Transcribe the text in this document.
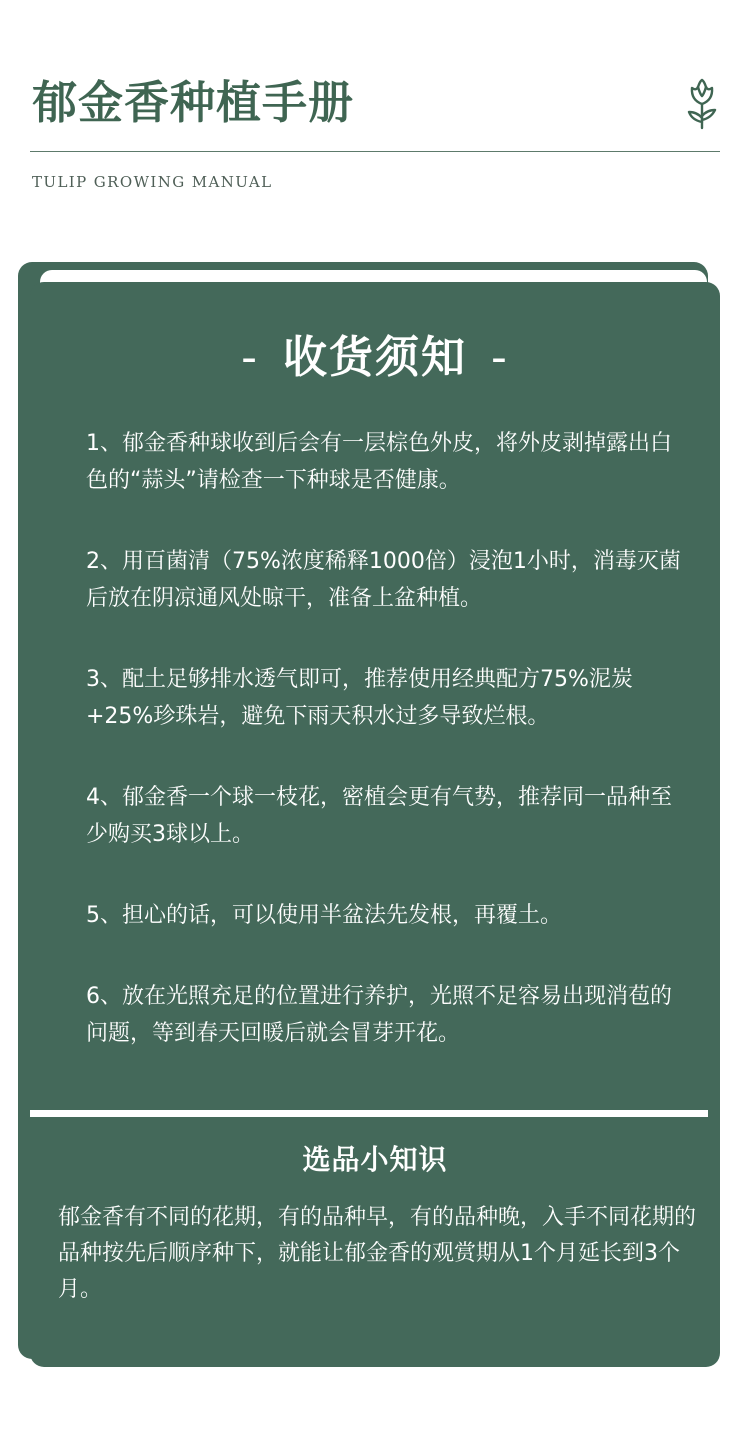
郁金香种植手册
TULIP GROWING MANUAL
- 收货须知 -
1、郁金香种球收到后会有一层棕色外皮，将外皮剥掉露出白色的“蒜头”请检查一下种球是否健康。
2、用百菌清（75%浓度稀释1000倍）浸泡1小时，消毒灭菌后放在阴凉通风处晾干，准备上盆种植。
3、配土足够排水透气即可，推荐使用经典配方75%泥炭+25%珍珠岩，避免下雨天积水过多导致烂根。
4、郁金香一个球一枝花，密植会更有气势，推荐同一品种至少购买3球以上。
5、担心的话，可以使用半盆法先发根，再覆土。
6、放在光照充足的位置进行养护，光照不足容易出现消苞的问题，等到春天回暖后就会冒芽开花。
选品小知识

郁金香有不同的花期，有的品种早，有的品种晚，入手不同花期的品种按先后顺序种下，就能让郁金香的观赏期从1个月延长到3个月。
